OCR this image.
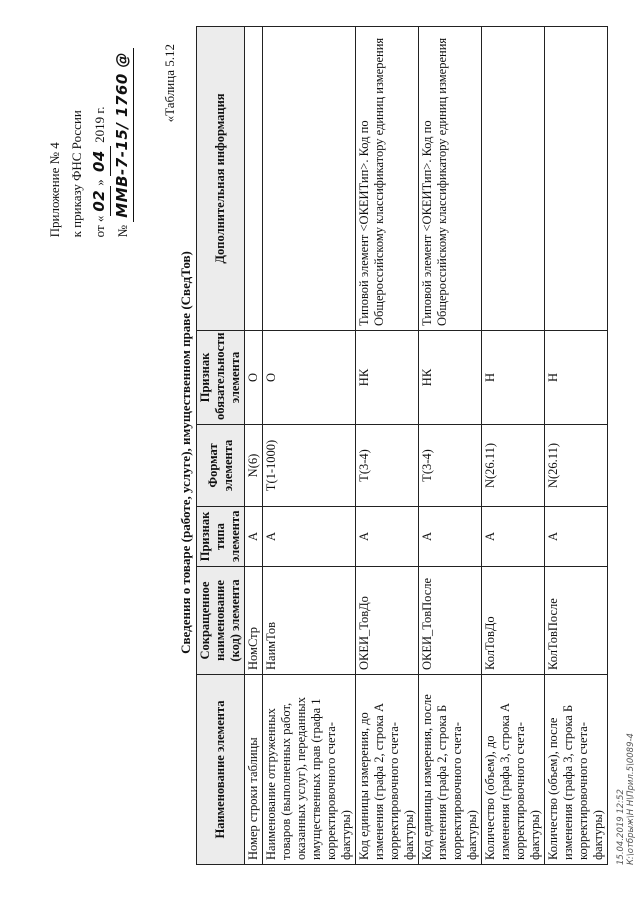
Приложение № 4 к приказу ФНС России от «02» 04 2019 г.
№ ММВ-7-15/ 1760 @ «Таблица 5.12
Сведения о товаре (работе, услуге), имущественном праве (СведТов)
Наименование элемента	Сокращенное наименование (код) элемента	Признак типа элемента	Формат элемента	Признак обязательности элемента	Дополнительная информация
Номер строки таблицы	НомСтр	А	N(6)	О	
Наименование отгруженных товаров (выполненных работ, оказанных услуг), переданных имущественных прав (графа 1 корректировочного счета-фактуры)	НаимТов	А	T(1-1000)	О	
Код единицы измерения, до изменения (графа 2, строка А корректировочного счета-фактуры)	ОКЕИ_ТовДо	А	T(3-4)	НК	Типовой элемент <ОКЕИТип>. Код по Общероссийскому классификатору единиц измерения
Код единицы измерения, после изменения (графа 2, строка Б корректировочного счета-фактуры)	ОКЕИ_ТовПосле	А	T(3-4)	НК	Типовой элемент <ОКЕИТип>. Код по Общероссийскому классификатору единиц измерения
Количество (объем), до изменения (графа 3, строка А корректировочного счета-фактуры)	КолТовДо	А	N(26.11)	Н	
Количество (объем), после изменения (графа 3, строка Б корректировочного счета-фактуры)	КолТовПосле	А	N(26.11)	Н	
15.04.2019 12:52 К:\отбрыж\Н Н\Прил.5\0089-4
